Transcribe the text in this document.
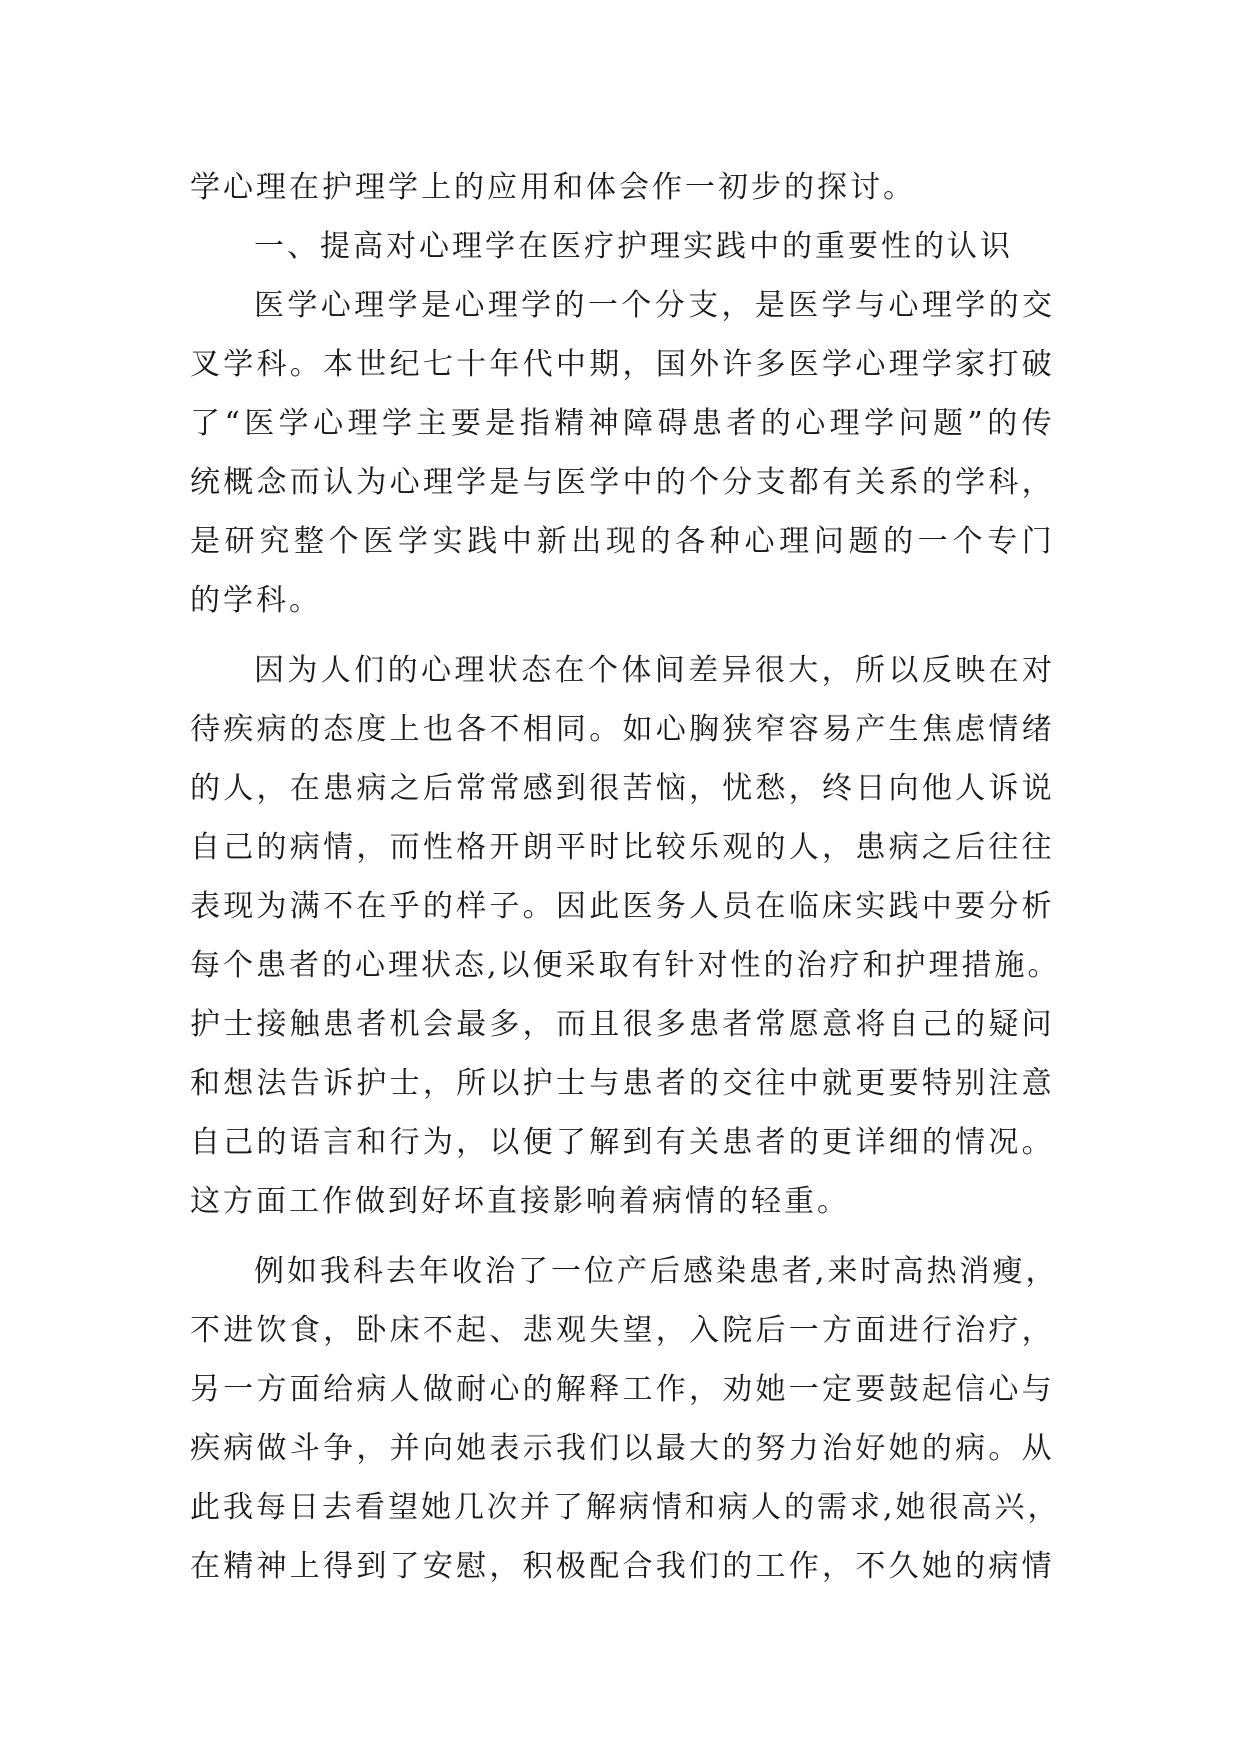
学心理在护理学上的应用和体会作一初步的探讨。
一、提高对心理学在医疗护理实践中的重要性的认识
医 学 心 理 学 是 心 理 学 的 一 个 分 支 ， 是 医 学 与 心 理 学 的 交
叉 学 科 。 本 世 纪 七 十 年 代 中 期 ， 国 外 许 多 医 学 心 理 学 家 打 破
了 “ 医 学 心 理 学 主 要 是 指 精 神 障 碍 患 者 的 心 理 学 问 题 ” 的 传
统 概 念 而 认 为 心 理 学 是 与 医 学 中 的 个 分 支 都 有 关 系 的 学 科 ，
是 研 究 整 个 医 学 实 践 中 新 出 现 的 各 种 心 理 问 题 的 一 个 专 门
的学科。
因 为 人 们 的 心 理 状 态 在 个 体 间 差 异 很 大 ， 所 以 反 映 在 对
待 疾 病 的 态 度 上 也 各 不 相 同 。 如 心 胸 狭 窄 容 易 产 生 焦 虑 情 绪
的 人 ， 在 患 病 之 后 常 常 感 到 很 苦 恼 ， 忧 愁 ， 终 日 向 他 人 诉 说
自 己 的 病 情 ， 而 性 格 开 朗 平 时 比 较 乐 观 的 人 ， 患 病 之 后 往 往
表 现 为 满 不 在 乎 的 样 子 。 因 此 医 务 人 员 在 临 床 实 践 中 要 分 析
每 个 患 者 的 心 理 状 态 , 以 便 采 取 有 针 对 性 的 治 疗 和 护 理 措 施 。
护 士 接 触 患 者 机 会 最 多 ， 而 且 很 多 患 者 常 愿 意 将 自 己 的 疑 问
和 想 法 告 诉 护 士 ， 所 以 护 士 与 患 者 的 交 往 中 就 更 要 特 别 注 意
自 己 的 语 言 和 行 为 ， 以 便 了 解 到 有 关 患 者 的 更 详 细 的 情 况 。
这方面工作做到好坏直接影响着病情的轻重。
例 如 我 科 去 年 收 治 了 一 位 产 后 感 染 患 者 , 来 时 高 热 消 瘦 ，
不 进 饮 食 ， 卧 床 不 起 、 悲 观 失 望 ， 入 院 后 一 方 面 进 行 治 疗 ，
另 一 方 面 给 病 人 做 耐 心 的 解 释 工 作 ， 劝 她 一 定 要 鼓 起 信 心 与
疾 病 做 斗 争 ， 并 向 她 表 示 我 们 以 最 大 的 努 力 治 好 她 的 病 。 从
此 我 每 日 去 看 望 她 几 次 并 了 解 病 情 和 病 人 的 需 求 , 她 很 高 兴 ，
在 精 神 上 得 到 了 安 慰 ， 积 极 配 合 我 们 的 工 作 ， 不 久 她 的 病 情
